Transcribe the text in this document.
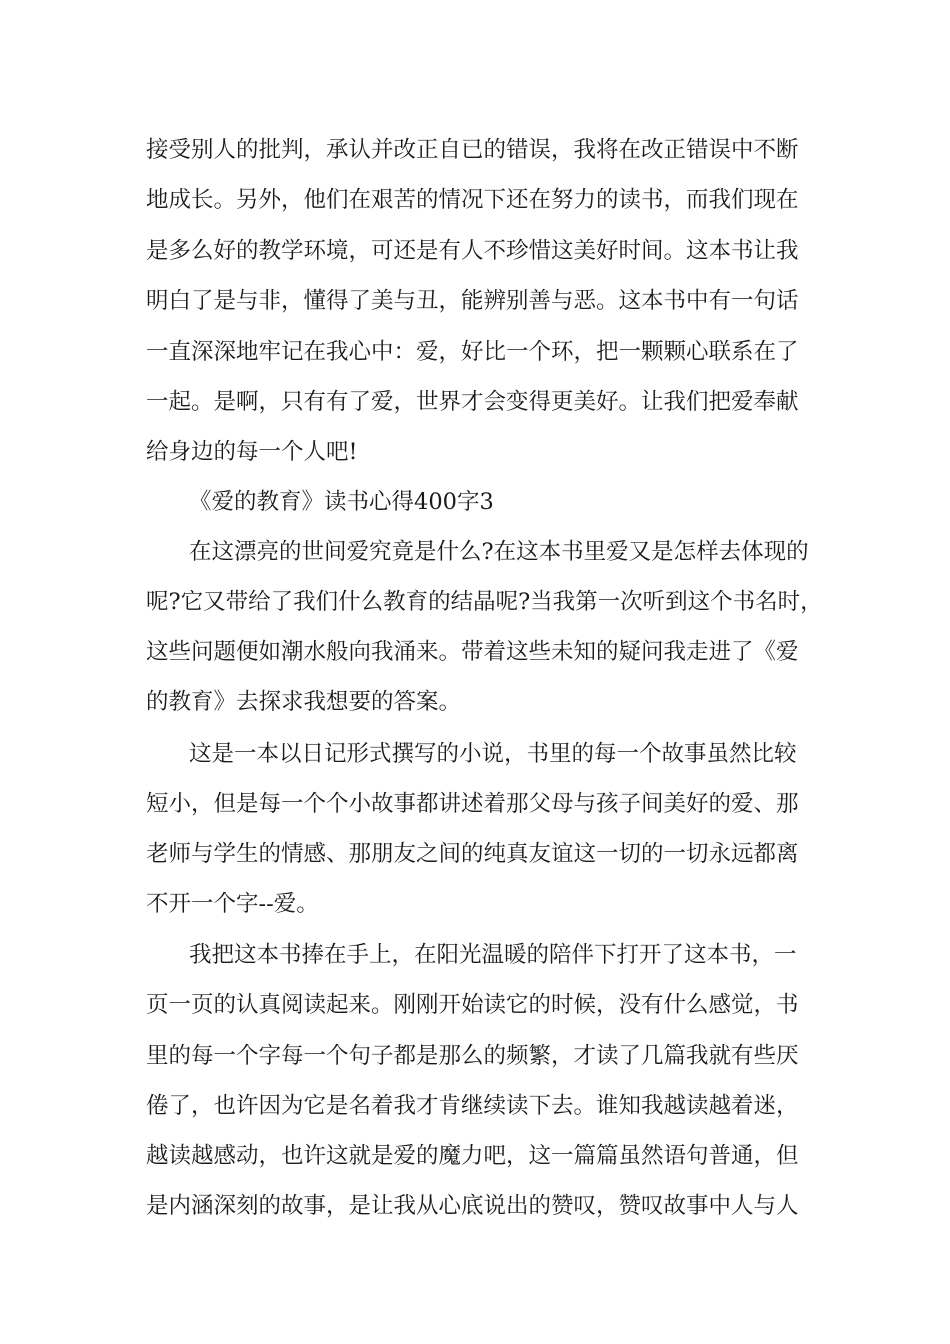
接受别人的批判，承认并改正自已的错误，我将在改正错误中不断
地成长。另外，他们在艰苦的情况下还在努力的读书，而我们现在
是多么好的教学环境，可还是有人不珍惜这美好时间。这本书让我
明白了是与非，懂得了美与丑，能辨别善与恶。这本书中有一句话
一直深深地牢记在我心中：爱，好比一个环，把一颗颗心联系在了
一起。是啊，只有有了爱，世界才会变得更美好。让我们把爱奉献
给身边的每一个人吧!
《爱的教育》读书心得400字3
在这漂亮的世间爱究竟是什么?在这本书里爱又是怎样去体现的
呢?它又带给了我们什么教育的结晶呢?当我第一次听到这个书名时，
这些问题便如潮水般向我涌来。带着这些未知的疑问我走进了《爱
的教育》去探求我想要的答案。
这是一本以日记形式撰写的小说，书里的每一个故事虽然比较
短小，但是每一个个小故事都讲述着那父母与孩子间美好的爱、那
老师与学生的情感、那朋友之间的纯真友谊这一切的一切永远都离
不开一个字--爱。
我把这本书捧在手上，在阳光温暖的陪伴下打开了这本书，一
页一页的认真阅读起来。刚刚开始读它的时候，没有什么感觉，书
里的每一个字每一个句子都是那么的频繁，才读了几篇我就有些厌
倦了，也许因为它是名着我才肯继续读下去。谁知我越读越着迷，
越读越感动，也许这就是爱的魔力吧，这一篇篇虽然语句普通，但
是内涵深刻的故事，是让我从心底说出的赞叹，赞叹故事中人与人
